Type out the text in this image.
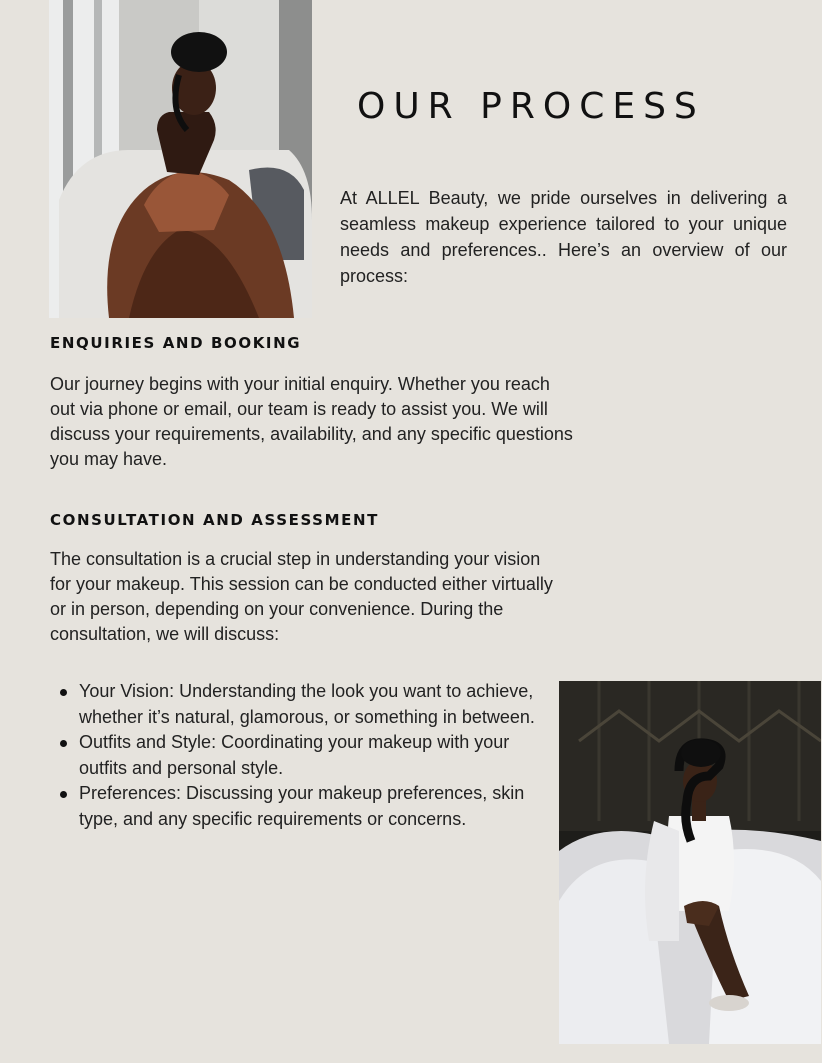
OUR PROCESS

At ALLEL Beauty, we pride ourselves in delivering a seamless makeup experience tailored to your unique needs and preferences.. Here’s an overview of our process:

ENQUIRIES AND BOOKING

Our journey begins with your initial enquiry. Whether you reach out via phone or email, our team is ready to assist you. We will discuss your requirements, availability, and any specific questions you may have.

CONSULTATION AND ASSESSMENT

The consultation is a crucial step in understanding your vision for your makeup. This session can be conducted either virtually or in person, depending on your convenience. During the consultation, we will discuss:

Your Vision: Understanding the look you want to achieve, whether it’s natural, glamorous, or something in between.
Outfits and Style: Coordinating your makeup with your outfits and personal style.
Preferences: Discussing your makeup preferences, skin type, and any specific requirements or concerns.
